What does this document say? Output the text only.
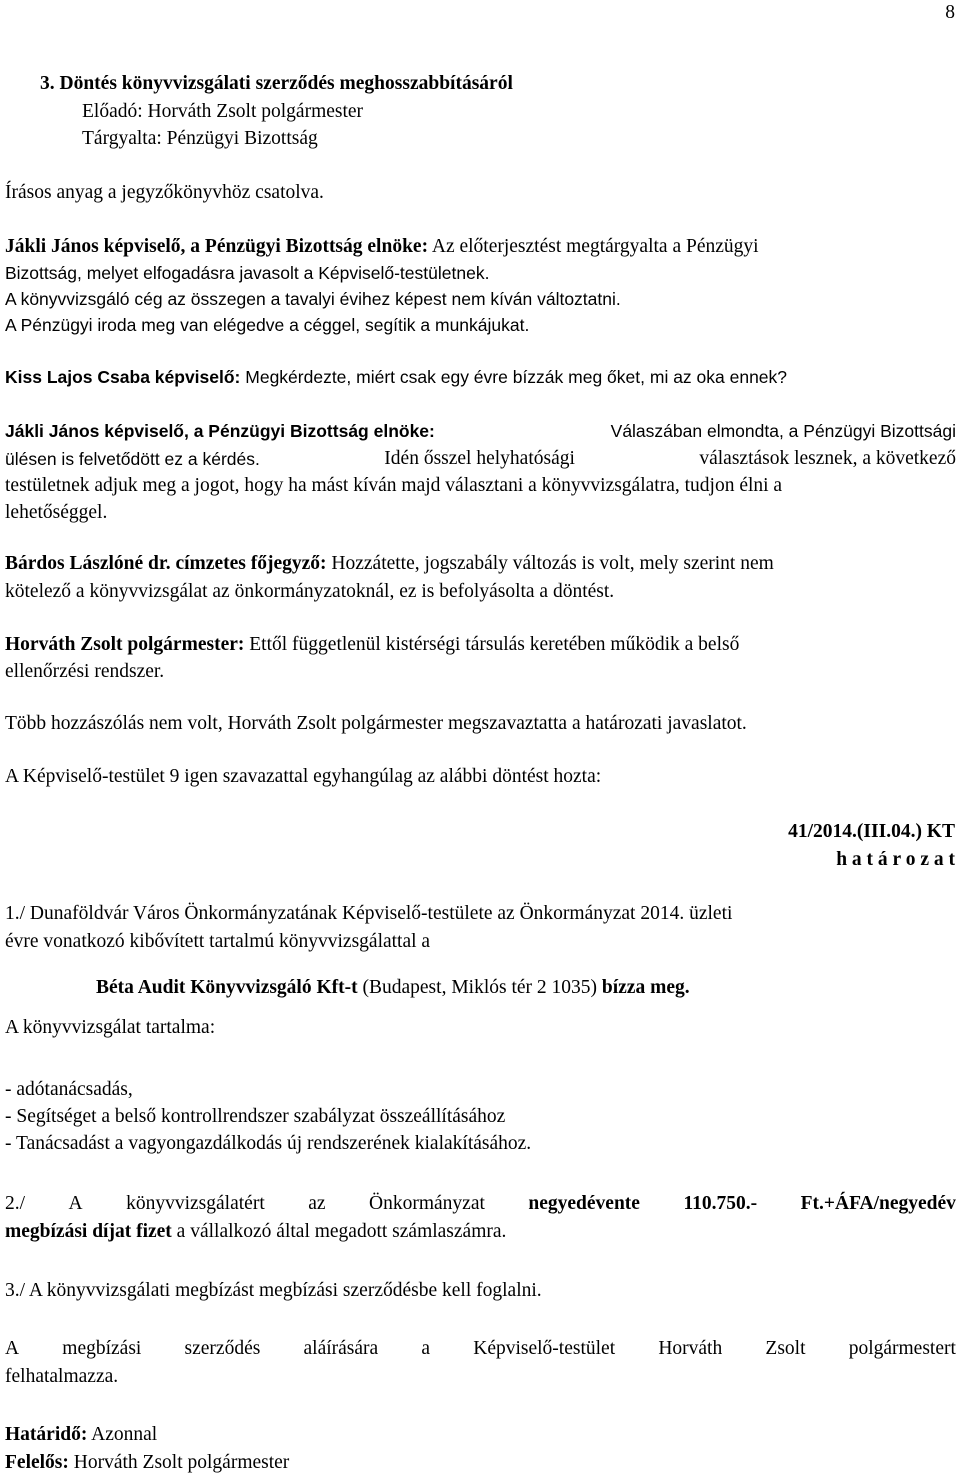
8
3. Döntés könyvvizsgálati szerződés meghosszabbításáról
Előadó: Horváth Zsolt polgármester
Tárgyalta: Pénzügyi Bizottság
Írásos anyag a jegyzőkönyvhöz csatolva.
Jákli János képviselő, a Pénzügyi Bizottság elnöke: Az előterjesztést megtárgyalta a Pénzügyi
Bizottság, melyet elfogadásra javasolt a Képviselő-testületnek.
A könyvvizsgáló cég az összegen a tavalyi évihez képest nem kíván változtatni.
A Pénzügyi iroda meg van elégedve a céggel, segítik a munkájukat.
Kiss Lajos Csaba képviselő: Megkérdezte, miért csak egy évre bízzák meg őket, mi az oka ennek?
Jákli János képviselő, a Pénzügyi Bizottság elnöke:	Válaszában elmondta, a Pénzügyi Bizottsági
ülésen is felvetődött ez a kérdés.	Idén ősszel helyhatósági	választások lesznek, a következő
testületnek adjuk meg a jogot, hogy ha mást kíván majd választani a könyvvizsgálatra, tudjon élni a
lehetőséggel.
Bárdos Lászlóné dr. címzetes főjegyző: Hozzátette, jogszabály változás is volt, mely szerint nem
kötelező a könyvvizsgálat az önkormányzatoknál, ez is befolyásolta a döntést.
Horváth Zsolt polgármester: Ettől függetlenül kistérségi társulás keretében működik a belső
ellenőrzési rendszer.
Több hozzászólás nem volt, Horváth Zsolt polgármester megszavaztatta a határozati javaslatot.
A Képviselő-testület 9 igen szavazattal egyhangúlag az alábbi döntést hozta:
41/2014.(III.04.) KT
h a t á r o z a t
1./ Dunaföldvár Város Önkormányzatának Képviselő-testülete az Önkormányzat 2014. üzleti
évre vonatkozó kibővített tartalmú könyvvizsgálattal a
Béta Audit Könyvvizsgáló Kft-t (Budapest, Miklós tér 2 1035) bízza meg.
A könyvvizsgálat tartalma:
- adótanácsadás,
- Segítséget a belső kontrollrendszer szabályzat összeállításához
- Tanácsadást a vagyongazdálkodás új rendszerének kialakításához.
2./ A könyvvizsgálatért az Önkormányzat negyedévente 110.750.- Ft.+ÁFA/negyedév
megbízási díjat fizet a vállalkozó által megadott számlaszámra.
3./ A könyvvizsgálati megbízást megbízási szerződésbe kell foglalni.
A megbízási szerződés aláírására a Képviselő-testület Horváth Zsolt polgármestert
felhatalmazza.
Határidő: Azonnal
Felelős: Horváth Zsolt polgármester
